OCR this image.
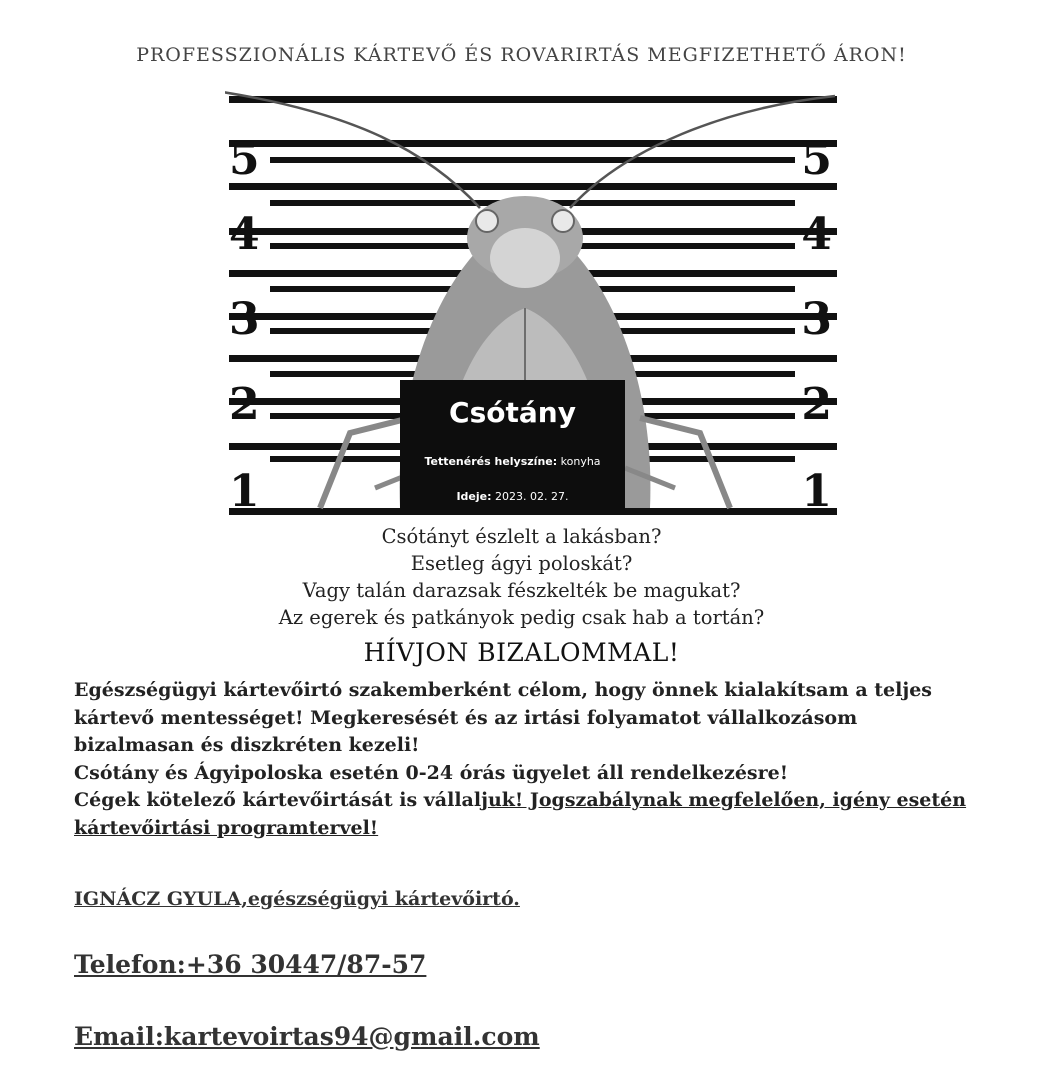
PROFESSZIONÁLIS KÁRTEVŐ ÉS ROVARIRTÁS MEGFIZETHETŐ ÁRON!
5	5
4	4
3	3
2	2
1	1
Csótány
Tettenérés helyszíne: konyha
Ideje: 2023. 02. 27.
Csótányt észlelt a lakásban?
Esetleg ágyi poloskát?
Vagy talán darazsak fészkelték be magukat?
Az egerek és patkányok pedig csak hab a tortán?
HÍVJON BIZALOMMAL!

Egészségügyi kártevőirtó szakemberként célom, hogy önnek kialakítsam a teljes kártevő mentességet! Megkeresését és az irtási folyamatot vállalkozásom bizalmasan és diszkréten kezeli!

Csótány és Ágyipoloska esetén 0-24 órás ügyelet áll rendelkezésre!

Cégek kötelező kártevőirtását is vállaljuk! Jogszabálynak megfelelően, igény esetén kártevőirtási programtervel!

IGNÁCZ GYULA,egészségügyi kártevőirtó.
Telefon:+36 30447/87-57
Email:kartevoirtas94@gmail.com
